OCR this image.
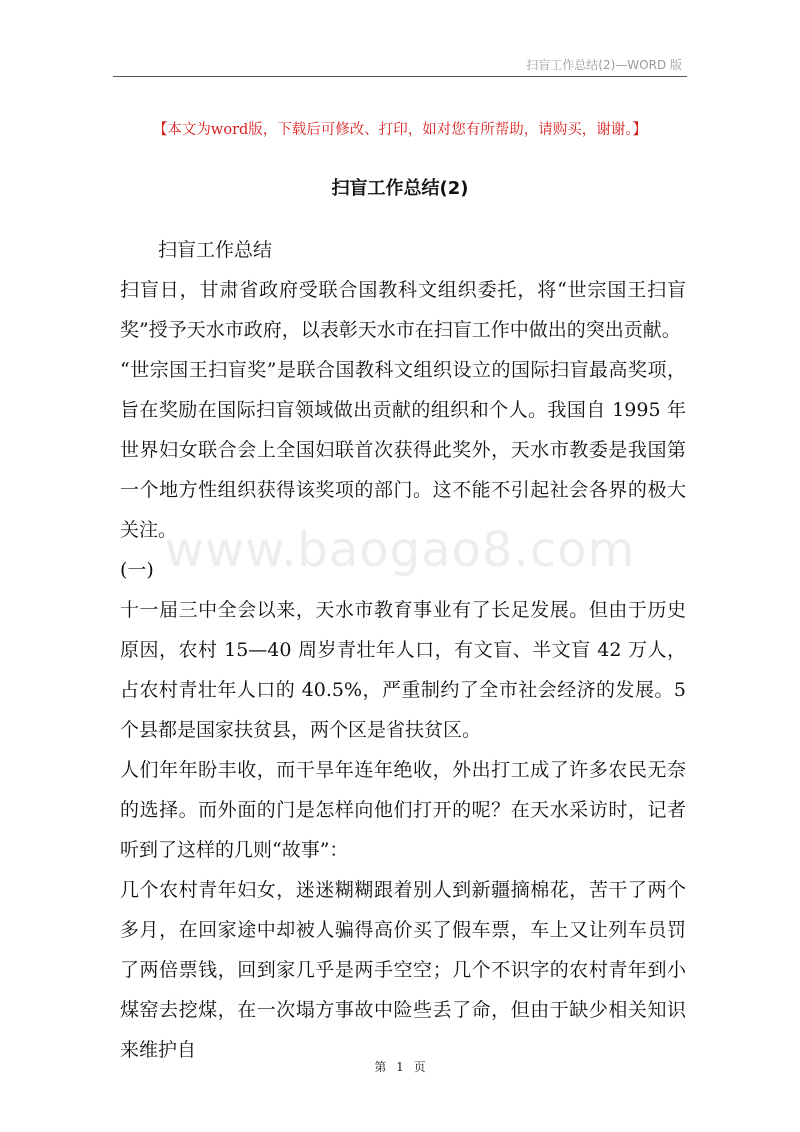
扫盲工作总结(2)—WORD 版
【本文为word版，下载后可修改、打印，如对您有所帮助，请购买，谢谢。】
扫盲工作总结(2)

扫盲工作总结

扫盲日，甘肃省政府受联合国教科文组织委托，将“世宗国王扫盲奖”授予天水市政府，以表彰天水市在扫盲工作中做出的突出贡献。

“世宗国王扫盲奖”是联合国教科文组织设立的国际扫盲最高奖项，旨在奖励在国际扫盲领域做出贡献的组织和个人。我国自 1995 年世界妇女联合会上全国妇联首次获得此奖外，天水市教委是我国第一个地方性组织获得该奖项的部门。这不能不引起社会各界的极大关注。

(一)

十一届三中全会以来，天水市教育事业有了长足发展。但由于历史原因，农村 15—40 周岁青壮年人口，有文盲、半文盲 42 万人，占农村青壮年人口的 40.5%，严重制约了全市社会经济的发展。5 个县都是国家扶贫县，两个区是省扶贫区。

人们年年盼丰收，而干旱年连年绝收，外出打工成了许多农民无奈的选择。而外面的门是怎样向他们打开的呢？在天水采访时，记者听到了这样的几则“故事”：

几个农村青年妇女，迷迷糊糊跟着别人到新疆摘棉花，苦干了两个多月，在回家途中却被人骗得高价买了假车票，车上又让列车员罚了两倍票钱，回到家几乎是两手空空；几个不识字的农村青年到小煤窑去挖煤，在一次塌方事故中险些丢了命，但由于缺少相关知识来维护自

www.baogao8.com
第 1 页
